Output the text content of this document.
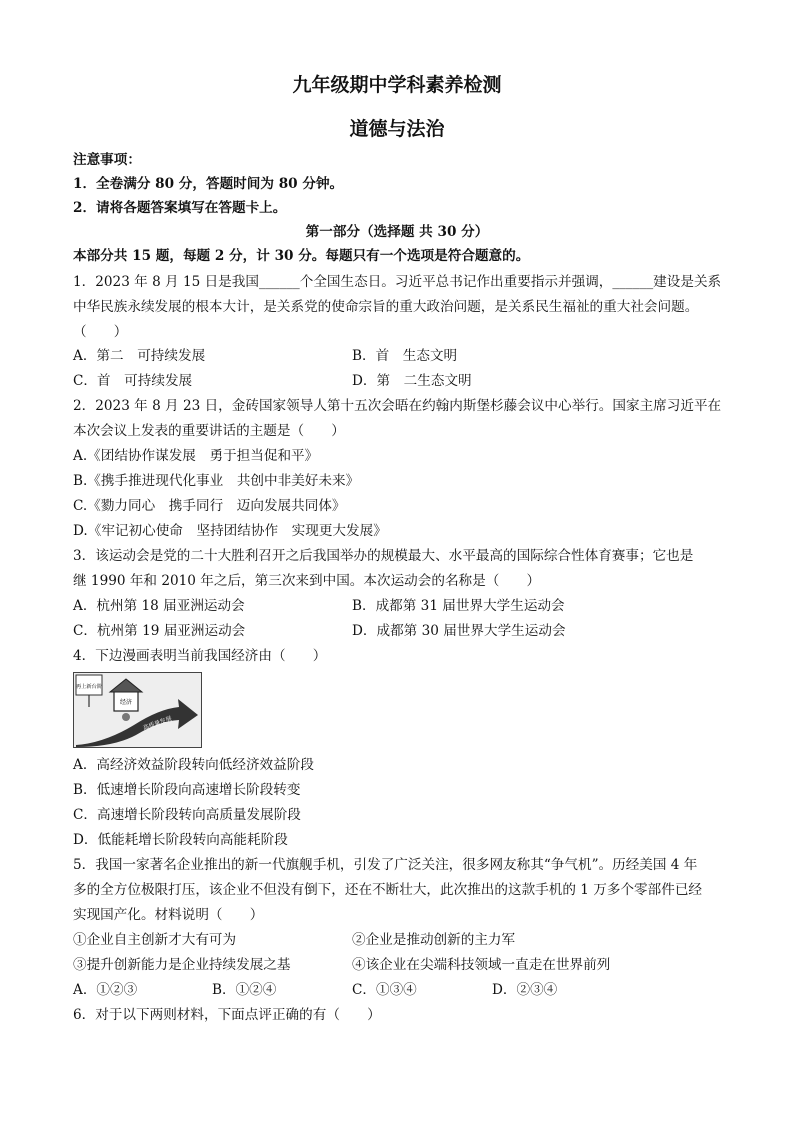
九年级期中学科素养检测
道德与法治
注意事项：
1．全卷满分 80 分，答题时间为 80 分钟。
2．请将各题答案填写在答题卡上。
第一部分（选择题 共 30 分）
本部分共 15 题，每题 2 分，计 30 分。每题只有一个选项是符合题意的。
1．2023 年 8 月 15 日是我国______个全国生态日。习近平总书记作出重要指示并强调，______建设是关系
中华民族永续发展的根本大计，是关系党的使命宗旨的重大政治问题，是关系民生福祉的重大社会问题。
（　　）
A．第二　可持续发展	B．首　生态文明
C．首　可持续发展	D．第　二生态文明
2．2023 年 8 月 23 日，金砖国家领导人第十五次会晤在约翰内斯堡杉藤会议中心举行。国家主席习近平在
本次会议上发表的重要讲话的主题是（　　）
A.《团结协作谋发展　勇于担当促和平》
B.《携手推进现代化事业　共创中非美好未来》
C.《勠力同心　携手同行　迈向发展共同体》
D.《牢记初心使命　坚持团结协作　实现更大发展》
3．该运动会是党的二十大胜利召开之后我国举办的规模最大、水平最高的国际综合性体育赛事；它也是
继 1990 年和 2010 年之后，第三次来到中国。本次运动会的名称是（　　）
A．杭州第 18 届亚洲运动会	B．成都第 31 届世界大学生运动会
C．杭州第 19 届亚洲运动会	D．成都第 30 届世界大学生运动会
4．下边漫画表明当前我国经济由（　　）
再上新台阶
经济
高质量发展
A．高经济效益阶段转向低经济效益阶段
B．低速增长阶段向高速增长阶段转变
C．高速增长阶段转向高质量发展阶段
D．低能耗增长阶段转向高能耗阶段
5．我国一家著名企业推出的新一代旗舰手机，引发了广泛关注，很多网友称其“争气机”。历经美国 4 年
多的全方位极限打压，该企业不但没有倒下，还在不断壮大，此次推出的这款手机的 1 万多个零部件已经
实现国产化。材料说明（　　）
①企业自主创新才大有可为	②企业是推动创新的主力军
③提升创新能力是企业持续发展之基	④该企业在尖端科技领域一直走在世界前列
A．①②③	B．①②④	C．①③④	D．②③④
6．对于以下两则材料，下面点评正确的有（　　）
